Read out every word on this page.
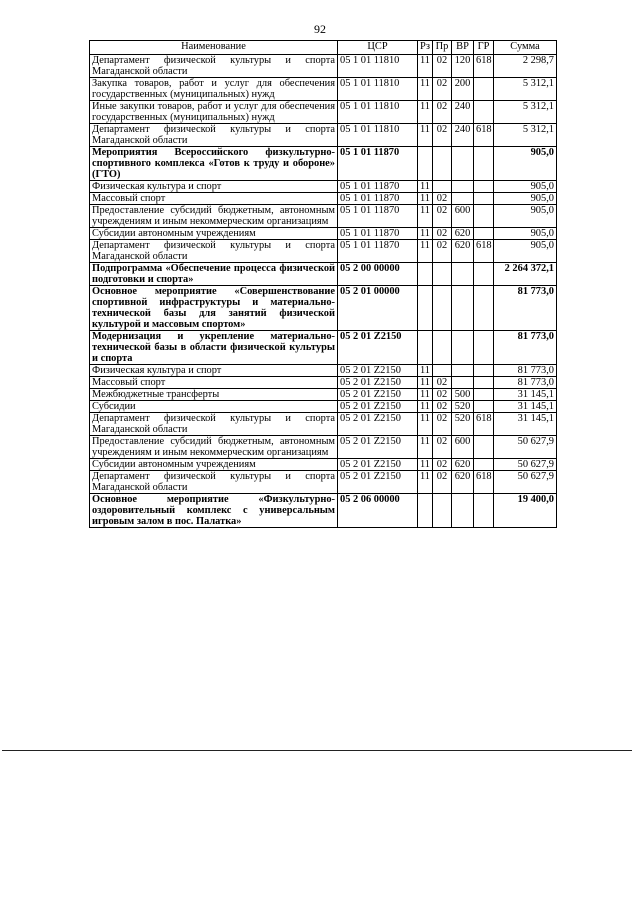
92
Наименование	ЦСР	Рз	Пр	ВР	ГР	Сумма
Департамент физической культуры и спорта Магаданской области	05 1 01 11810	11	02	120	618	2 298,7
Закупка товаров, работ и услуг для обеспечения государственных (муниципальных) нужд	05 1 01 11810	11	02	200		5 312,1
Иные закупки товаров, работ и услуг для обеспечения государственных (муниципальных) нужд	05 1 01 11810	11	02	240		5 312,1
Департамент физической культуры и спорта Магаданской области	05 1 01 11810	11	02	240	618	5 312,1
Мероприятия Всероссийского физкультурно-спортивного комплекса «Готов к труду и обороне» (ГТО)	05 1 01 11870					905,0
Физическая культура и спорт	05 1 01 11870	11				905,0
Массовый спорт	05 1 01 11870	11	02			905,0
Предоставление субсидий бюджетным, автономным учреждениям и иным некоммерческим организациям	05 1 01 11870	11	02	600		905,0
Субсидии автономным учреждениям	05 1 01 11870	11	02	620		905,0
Департамент физической культуры и спорта Магаданской области	05 1 01 11870	11	02	620	618	905,0
Подпрограмма «Обеспечение процесса физической подготовки и спорта»	05 2 00 00000					2 264 372,1
Основное мероприятие «Совершенствование спортивной инфраструктуры и материально-технической базы для занятий физической культурой и массовым спортом»	05 2 01 00000					81 773,0
Модернизация и укрепление материально-технической базы в области физической культуры и спорта	05 2 01 Z2150					81 773,0
Физическая культура и спорт	05 2 01 Z2150	11				81 773,0
Массовый спорт	05 2 01 Z2150	11	02			81 773,0
Межбюджетные трансферты	05 2 01 Z2150	11	02	500		31 145,1
Субсидии	05 2 01 Z2150	11	02	520		31 145,1
Департамент физической культуры и спорта Магаданской области	05 2 01 Z2150	11	02	520	618	31 145,1
Предоставление субсидий бюджетным, автономным учреждениям и иным некоммерческим организациям	05 2 01 Z2150	11	02	600		50 627,9
Субсидии автономным учреждениям	05 2 01 Z2150	11	02	620		50 627,9
Департамент физической культуры и спорта Магаданской области	05 2 01 Z2150	11	02	620	618	50 627,9
Основное мероприятие «Физкультурно-оздоровительный комплекс с универсальным игровым залом в пос. Палатка»	05 2 06 00000					19 400,0
